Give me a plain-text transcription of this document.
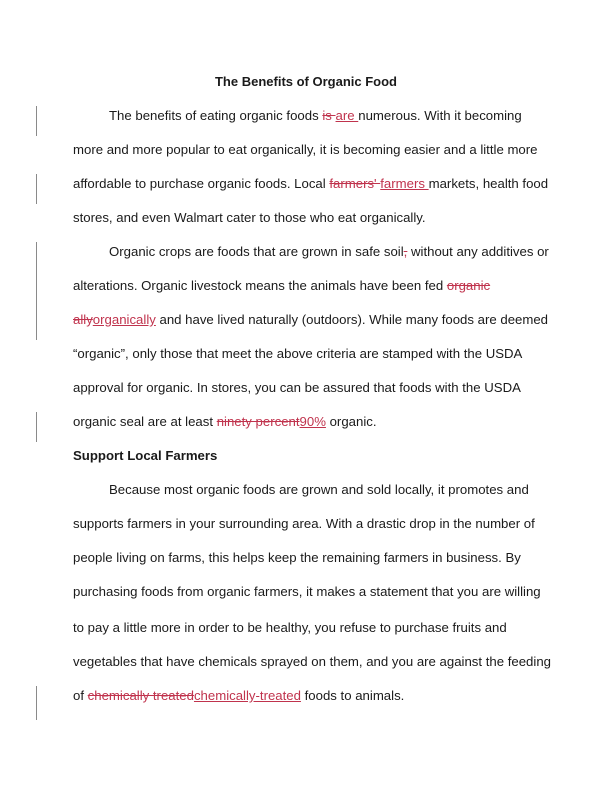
The Benefits of Organic Food
The benefits of eating organic foods is are numerous. With it becoming
more and more popular to eat organically, it is becoming easier and a little more
affordable to purchase organic foods. Local farmers' farmers markets, health food
stores, and even Walmart cater to those who eat organically.
Organic crops are foods that are grown in safe soil, without any additives or
alterations. Organic livestock means the animals have been fed organic
allyorganically and have lived naturally (outdoors). While many foods are deemed
“organic”, only those that meet the above criteria are stamped with the USDA
approval for organic. In stores, you can be assured that foods with the USDA
organic seal are at least ninety percent90% organic.
Support Local Farmers
Because most organic foods are grown and sold locally, it promotes and
supports farmers in your surrounding area. With a drastic drop in the number of
people living on farms, this helps keep the remaining farmers in business. By
purchasing foods from organic farmers, it makes a statement that you are willing
to pay a little more in order to be healthy, you refuse to purchase fruits and
vegetables that have chemicals sprayed on them, and you are against the feeding
of chemically treatedchemically-treated foods to animals.
